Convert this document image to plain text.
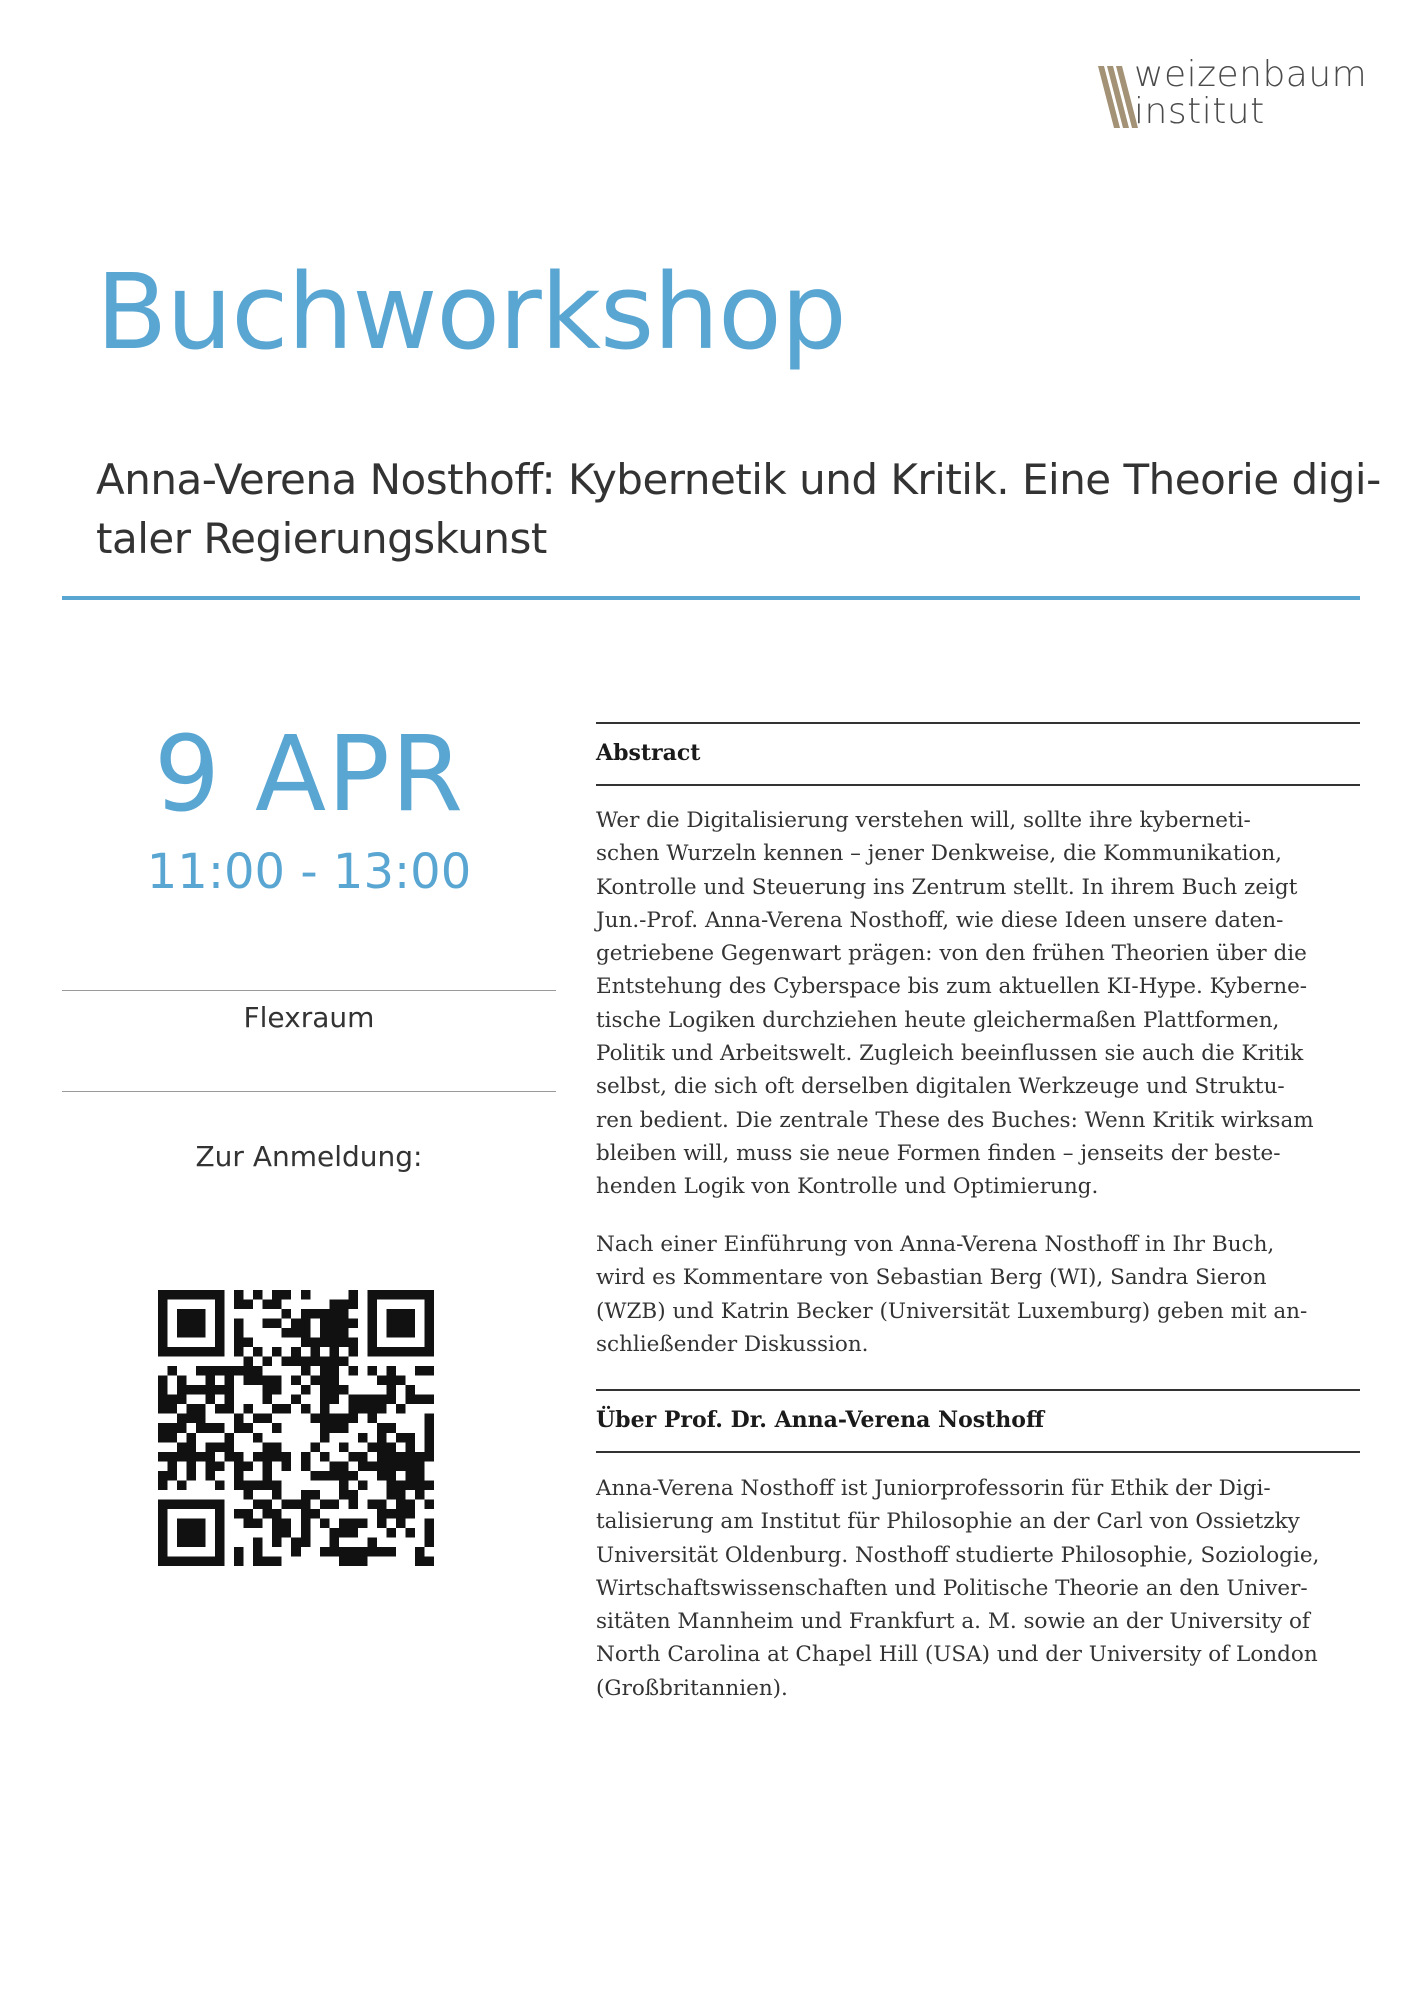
weizenbaum
institut
Buchworkshop
Anna-Verena Nosthoff: Kybernetik und Kritik. Eine Theorie digi-
taler Regierungskunst
9 APR
11:00 - 13:00
Flexraum
Zur Anmeldung:
Abstract
Wer die Digitalisierung verstehen will, sollte ihre kyberneti-
schen Wurzeln kennen – jener Denkweise, die Kommunikation,
Kontrolle und Steuerung ins Zentrum stellt. In ihrem Buch zeigt
Jun.-Prof. Anna-Verena Nosthoff, wie diese Ideen unsere daten-
getriebene Gegenwart prägen: von den frühen Theorien über die
Entstehung des Cyberspace bis zum aktuellen KI-Hype. Kyberne-
tische Logiken durchziehen heute gleichermaßen Plattformen,
Politik und Arbeitswelt. Zugleich beeinflussen sie auch die Kritik
selbst, die sich oft derselben digitalen Werkzeuge und Struktu-
ren bedient. Die zentrale These des Buches: Wenn Kritik wirksam
bleiben will, muss sie neue Formen finden – jenseits der beste-
henden Logik von Kontrolle und Optimierung.
Nach einer Einführung von Anna-Verena Nosthoff in Ihr Buch,
wird es Kommentare von Sebastian Berg (WI), Sandra Sieron
(WZB) und Katrin Becker (Universität Luxemburg) geben mit an-
schließender Diskussion.
Über Prof. Dr. Anna-Verena Nosthoff
Anna-Verena Nosthoff ist Juniorprofessorin für Ethik der Digi-
talisierung am Institut für Philosophie an der Carl von Ossietzky
Universität Oldenburg. Nosthoff studierte Philosophie, Soziologie,
Wirtschaftswissenschaften und Politische Theorie an den Univer-
sitäten Mannheim und Frankfurt a. M. sowie an der University of
North Carolina at Chapel Hill (USA) und der University of London
(Großbritannien).
